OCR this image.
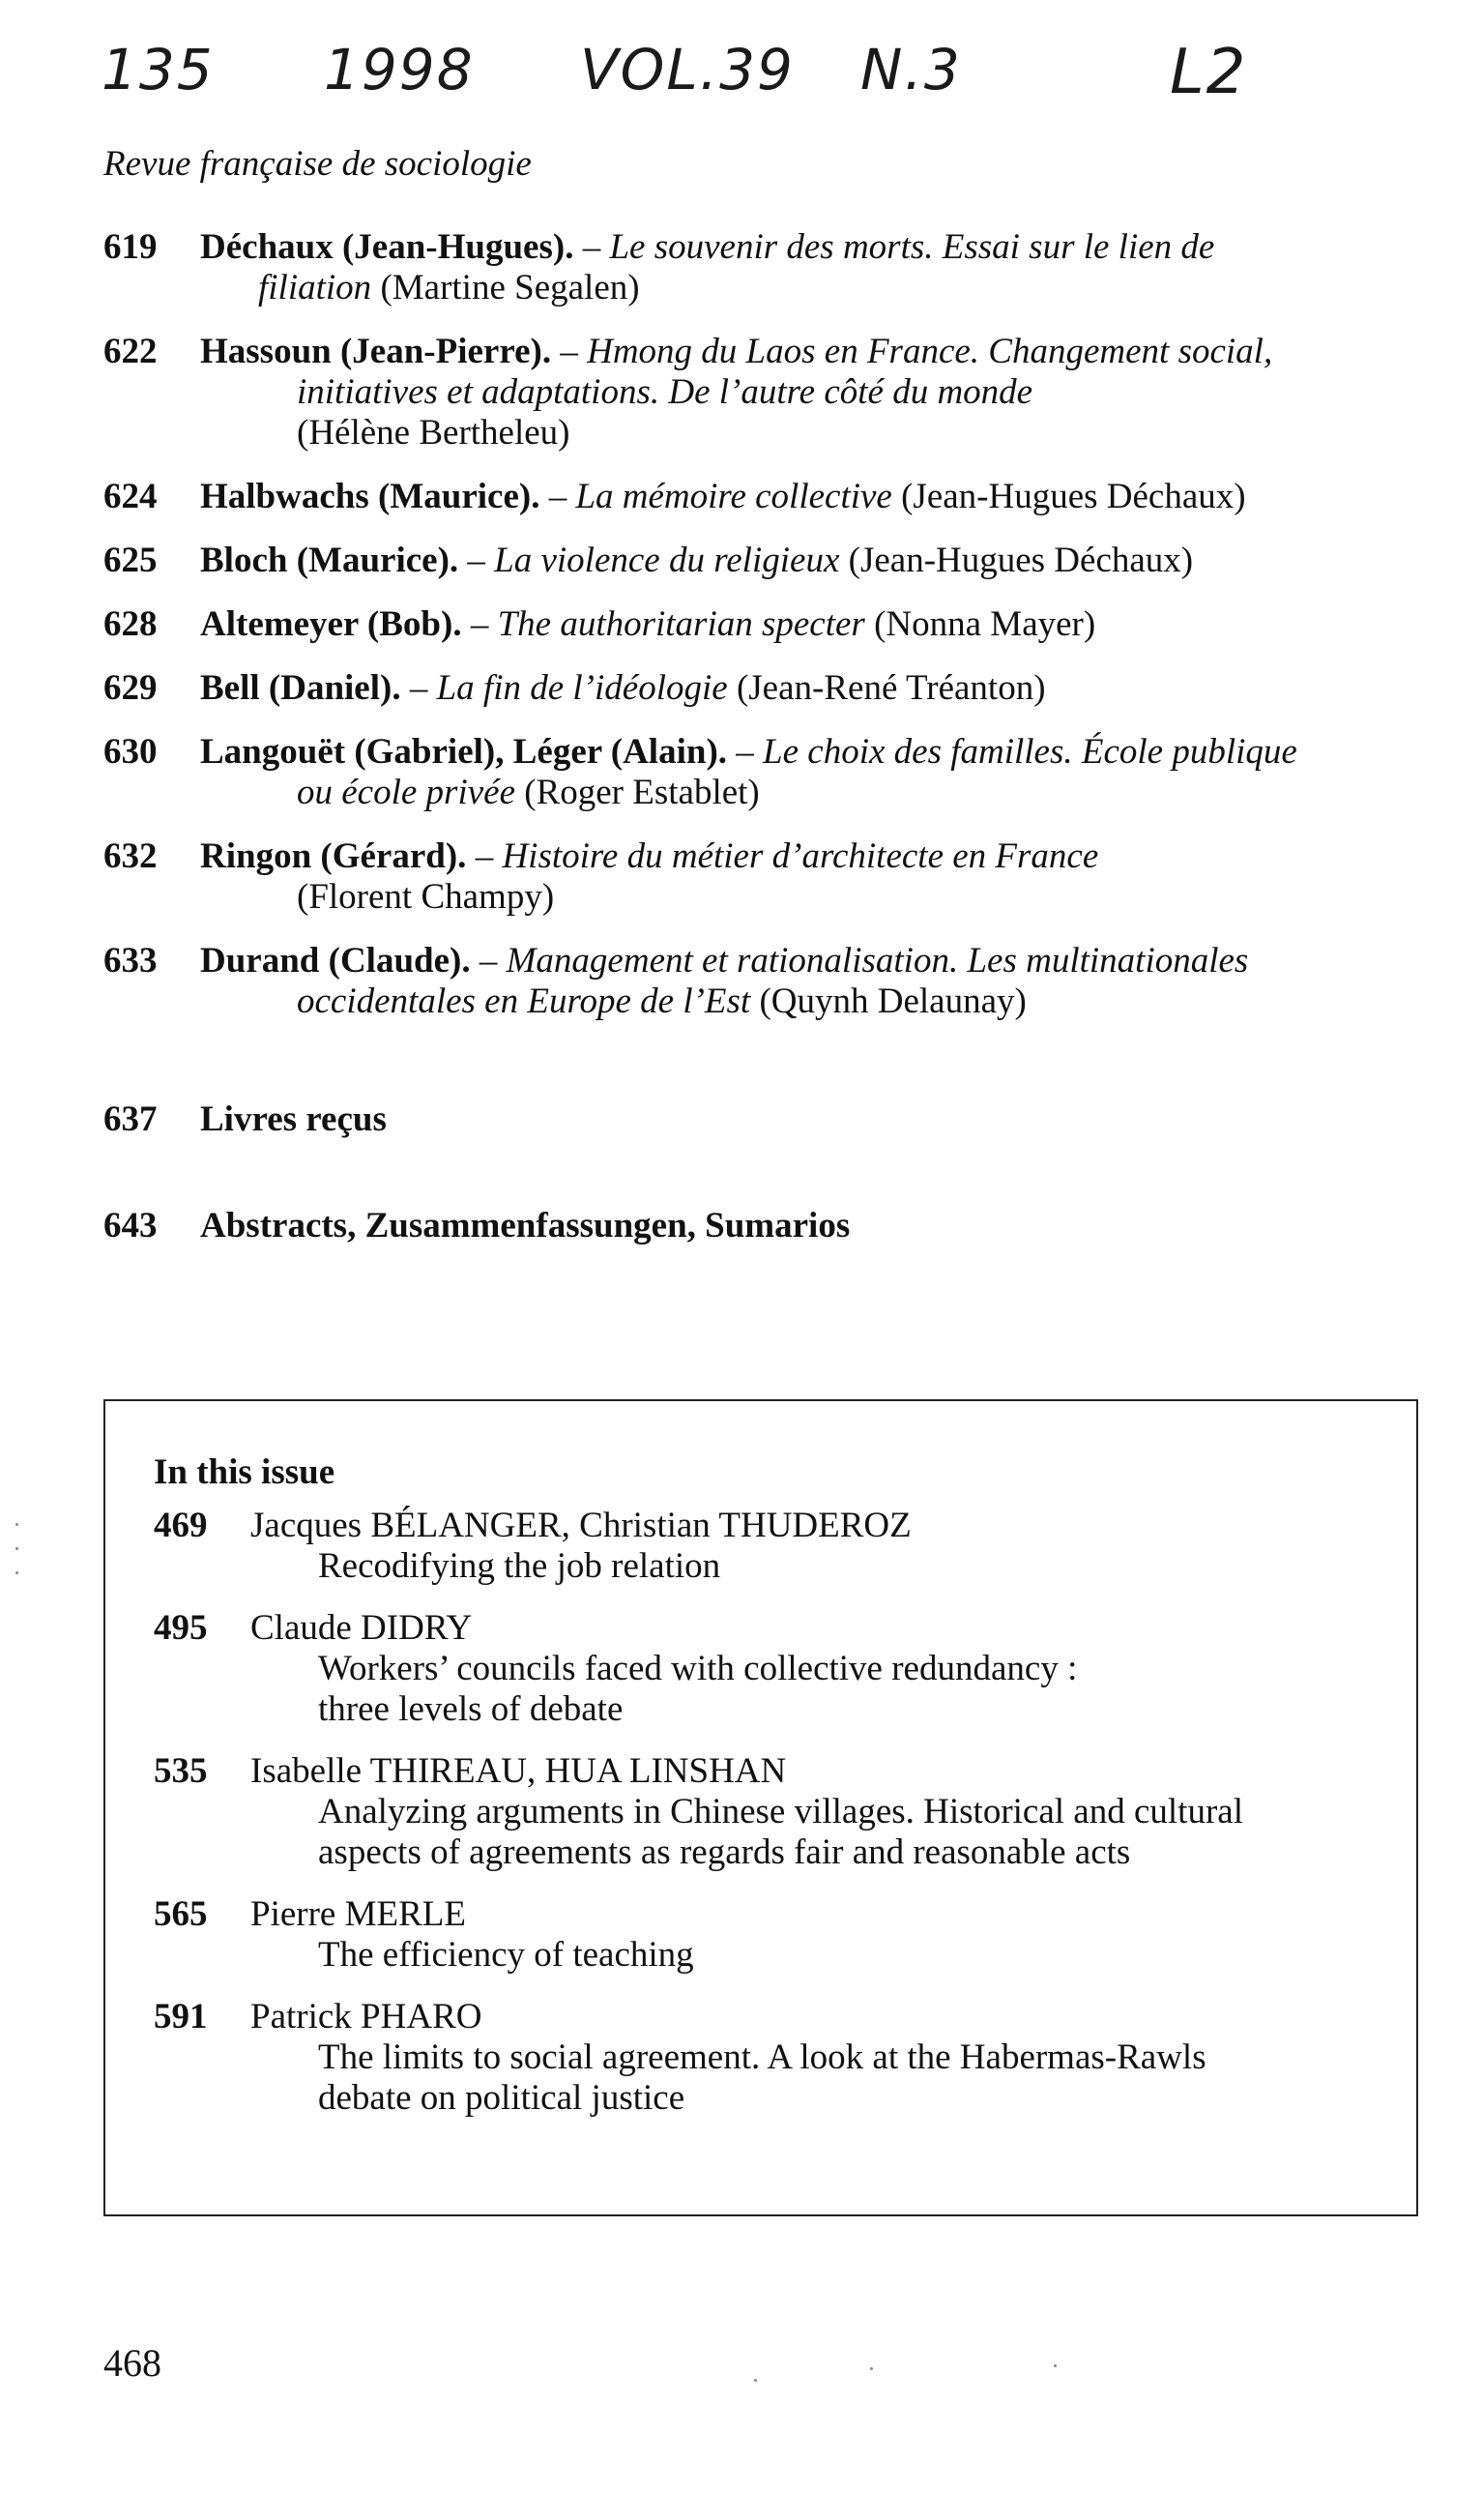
135 1998 VOL.39 N.3	L2
Revue française de sociologie
619	Déchaux (Jean-Hugues). – Le souvenir des morts. Essai sur le lien de
filiation (Martine Segalen)
622	Hassoun (Jean-Pierre). – Hmong du Laos en France. Changement social,
initiatives et adaptations. De l’autre côté du monde
(Hélène Bertheleu)
624	Halbwachs (Maurice). – La mémoire collective (Jean-Hugues Déchaux)
625	Bloch (Maurice). – La violence du religieux (Jean-Hugues Déchaux)
628	Altemeyer (Bob). – The authoritarian specter (Nonna Mayer)
629	Bell (Daniel). – La fin de l’idéologie (Jean-René Tréanton)
630	Langouët (Gabriel), Léger (Alain). – Le choix des familles. École publique
ou école privée (Roger Establet)
632	Ringon (Gérard). – Histoire du métier d’architecte en France
(Florent Champy)
633	Durand (Claude). – Management et rationalisation. Les multinationales
occidentales en Europe de l’Est (Quynh Delaunay)
637	Livres reçus
643	Abstracts, Zusammenfassungen, Sumarios
In this issue
469	Jacques BÉLANGER, Christian THUDEROZ
Recodifying the job relation
495	Claude DIDRY
Workers’ councils faced with collective redundancy :
three levels of debate
535	Isabelle THIREAU, HUA LINSHAN
Analyzing arguments in Chinese villages. Historical and cultural
aspects of agreements as regards fair and reasonable acts
565	Pierre MERLE
The efficiency of teaching
591	Patrick PHARO
The limits to social agreement. A look at the Habermas-Rawls
debate on political justice
468
